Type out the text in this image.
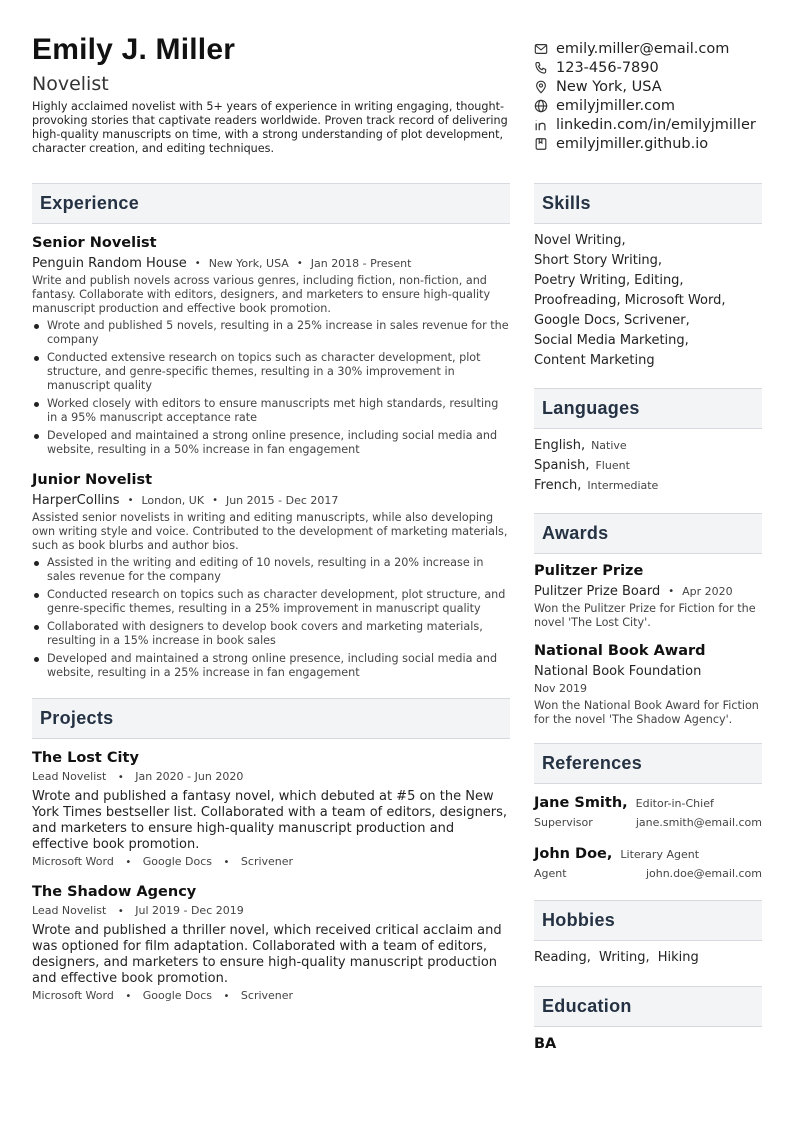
Emily J. Miller
Novelist
Highly acclaimed novelist with 5+ years of experience in writing engaging, thought-provoking stories that captivate readers worldwide. Proven track record of delivering high-quality manuscripts on time, with a strong understanding of plot development, character creation, and editing techniques.
emily.miller@email.com
123-456-7890
New York, USA
emilyjmiller.com
linkedin.com/in/emilyjmiller
emilyjmiller.github.io
Experience
Senior Novelist
Penguin Random House • New York, USA • Jan 2018 - Present
Write and publish novels across various genres, including fiction, non-fiction, and fantasy. Collaborate with editors, designers, and marketers to ensure high-quality manuscript production and effective book promotion.
Wrote and published 5 novels, resulting in a 25% increase in sales revenue for the company
Conducted extensive research on topics such as character development, plot structure, and genre-specific themes, resulting in a 30% improvement in manuscript quality
Worked closely with editors to ensure manuscripts met high standards, resulting in a 95% manuscript acceptance rate
Developed and maintained a strong online presence, including social media and website, resulting in a 50% increase in fan engagement
Junior Novelist
HarperCollins • London, UK • Jun 2015 - Dec 2017
Assisted senior novelists in writing and editing manuscripts, while also developing own writing style and voice. Contributed to the development of marketing materials, such as book blurbs and author bios.
Assisted in the writing and editing of 10 novels, resulting in a 20% increase in sales revenue for the company
Conducted research on topics such as character development, plot structure, and genre-specific themes, resulting in a 25% improvement in manuscript quality
Collaborated with designers to develop book covers and marketing materials, resulting in a 15% increase in book sales
Developed and maintained a strong online presence, including social media and website, resulting in a 25% increase in fan engagement
Projects
The Lost City
Lead Novelist • Jan 2020 - Jun 2020
Wrote and published a fantasy novel, which debuted at #5 on the New York Times bestseller list. Collaborated with a team of editors, designers, and marketers to ensure high-quality manuscript production and effective book promotion.
Microsoft Word • Google Docs • Scrivener
The Shadow Agency
Lead Novelist • Jul 2019 - Dec 2019
Wrote and published a thriller novel, which received critical acclaim and was optioned for film adaptation. Collaborated with a team of editors, designers, and marketers to ensure high-quality manuscript production and effective book promotion.
Microsoft Word • Google Docs • Scrivener
Skills
Novel Writing,
Short Story Writing,
Poetry Writing, Editing,
Proofreading, Microsoft Word,
Google Docs, Scrivener,
Social Media Marketing,
Content Marketing
Languages
English, Native
Spanish, Fluent
French, Intermediate
Awards
Pulitzer Prize
Pulitzer Prize Board • Apr 2020
Won the Pulitzer Prize for Fiction for the novel 'The Lost City'.
National Book Award
National Book Foundation
Nov 2019
Won the National Book Award for Fiction for the novel 'The Shadow Agency'.
References
Jane Smith, Editor-in-Chief
Supervisor	jane.smith@email.com
John Doe, Literary Agent
Agent	john.doe@email.com
Hobbies
Reading, Writing, Hiking
Education
BA
